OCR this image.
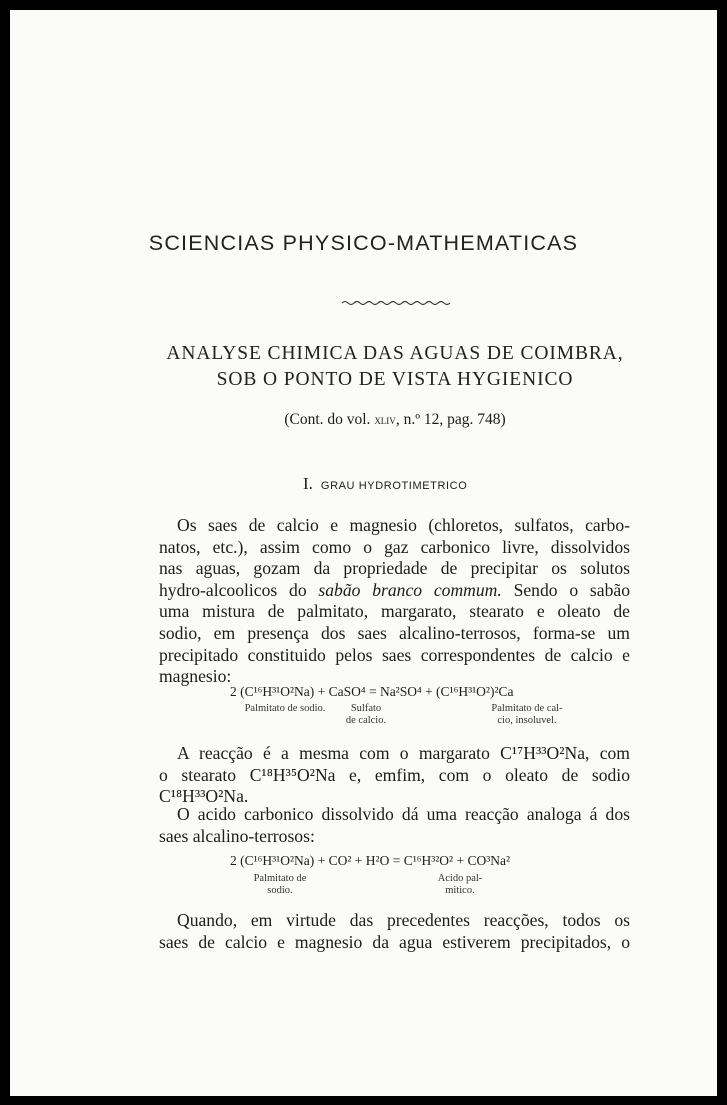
SCIENCIAS PHYSICO-MATHEMATICAS
ANALYSE CHIMICA DAS AGUAS DE COIMBRA,
SOB O PONTO DE VISTA HYGIENICO
(Cont. do vol. xliv, n.º 12, pag. 748)
I. GRAU HYDROTIMETRICO
Os saes de calcio e magnesio (chloretos, sulfatos, carbo-
natos, etc.), assim como o gaz carbonico livre, dissolvidos
nas aguas, gozam da propriedade de precipitar os solutos
hydro-alcoolicos do sabão branco commum. Sendo o sabão
uma mistura de palmitato, margarato, stearato e oleato de
sodio, em presença dos saes alcalino-terrosos, forma-se um
precipitado constituido pelos saes correspondentes de calcio e
magnesio:
2 (C¹⁶H³¹O²Na) + CaSO⁴ = Na²SO⁴ + (C¹⁶H³¹O²)²Ca
Palmitato de sodio.	Sulfato
de calcio.
Palmitato de cal-
cio, insoluvel.
A reacção é a mesma com o margarato C¹⁷H³³O²Na, com
o stearato C¹⁸H³⁵O²Na e, emfim, com o oleato de sodio
C¹⁸H³³O²Na.
O acido carbonico dissolvido dá uma reacção analoga á dos
saes alcalino-terrosos:
2 (C¹⁶H³¹O²Na) + CO² + H²O = C¹⁶H³²O² + CO³Na²
Palmitato de
sodio.
Acido pal-
mitico.
Quando, em virtude das precedentes reacções, todos os
saes de calcio e magnesio da agua estiverem precipitados, o
